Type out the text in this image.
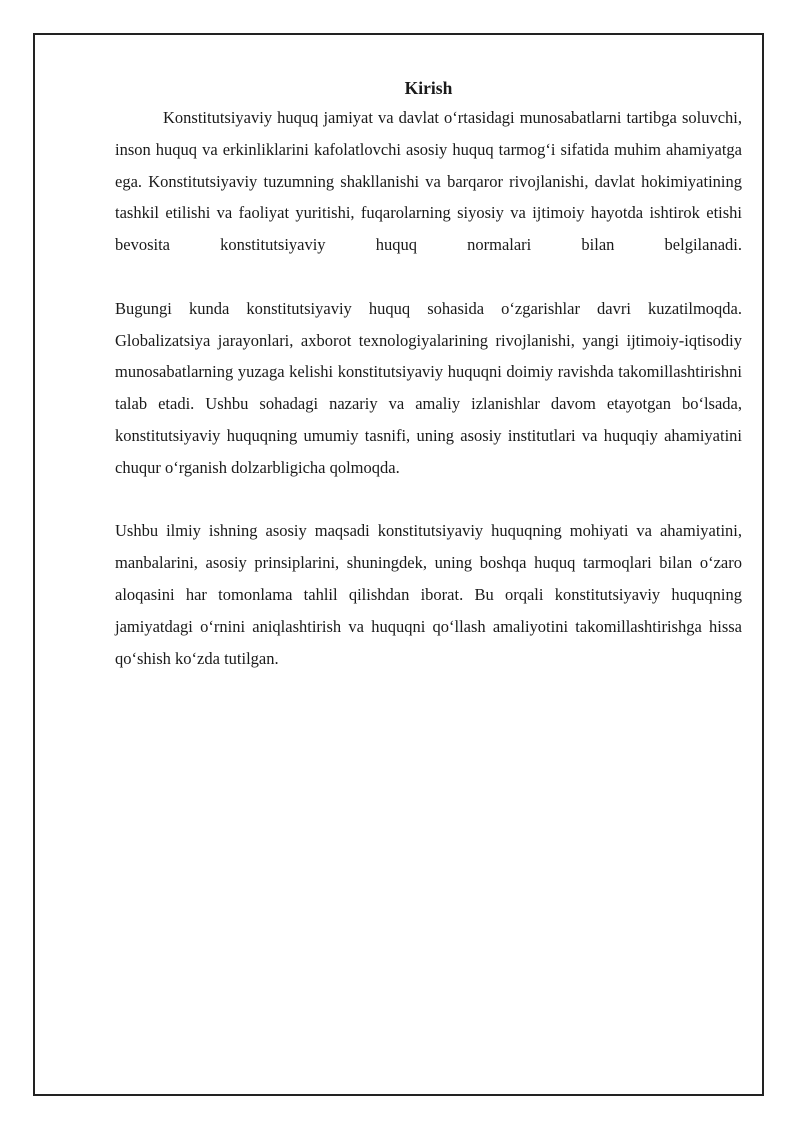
Kirish

Konstitutsiyaviy huquq jamiyat va davlat o‘rtasidagi munosabatlarni tartibga soluvchi, inson huquq va erkinliklarini kafolatlovchi asosiy huquq tarmog‘i sifatida muhim ahamiyatga ega. Konstitutsiyaviy tuzumning shakllanishi va barqaror rivojlanishi, davlat hokimiyatining tashkil etilishi va faoliyat yuritishi, fuqarolarning siyosiy va ijtimoiy hayotda ishtirok etishi bevosita konstitutsiyaviy huquq normalari bilan belgilanadi.

Bugungi kunda konstitutsiyaviy huquq sohasida o‘zgarishlar davri kuzatilmoqda. Globalizatsiya jarayonlari, axborot texnologiyalarining rivojlanishi, yangi ijtimoiy-iqtisodiy munosabatlarning yuzaga kelishi konstitutsiyaviy huquqni doimiy ravishda takomillashtirishni talab etadi. Ushbu sohadagi nazariy va amaliy izlanishlar davom etayotgan bo‘lsada, konstitutsiyaviy huquqning umumiy tasnifi, uning asosiy institutlari va huquqiy ahamiyatini chuqur o‘rganish dolzarbligicha qolmoqda.

Ushbu ilmiy ishning asosiy maqsadi konstitutsiyaviy huquqning mohiyati va ahamiyatini, manbalarini, asosiy prinsiplarini, shuningdek, uning boshqa huquq tarmoqlari bilan o‘zaro aloqasini har tomonlama tahlil qilishdan iborat. Bu orqali konstitutsiyaviy huquqning jamiyatdagi o‘rnini aniqlashtirish va huquqni qo‘llash amaliyotini takomillashtirishga hissa qo‘shish ko‘zda tutilgan.
